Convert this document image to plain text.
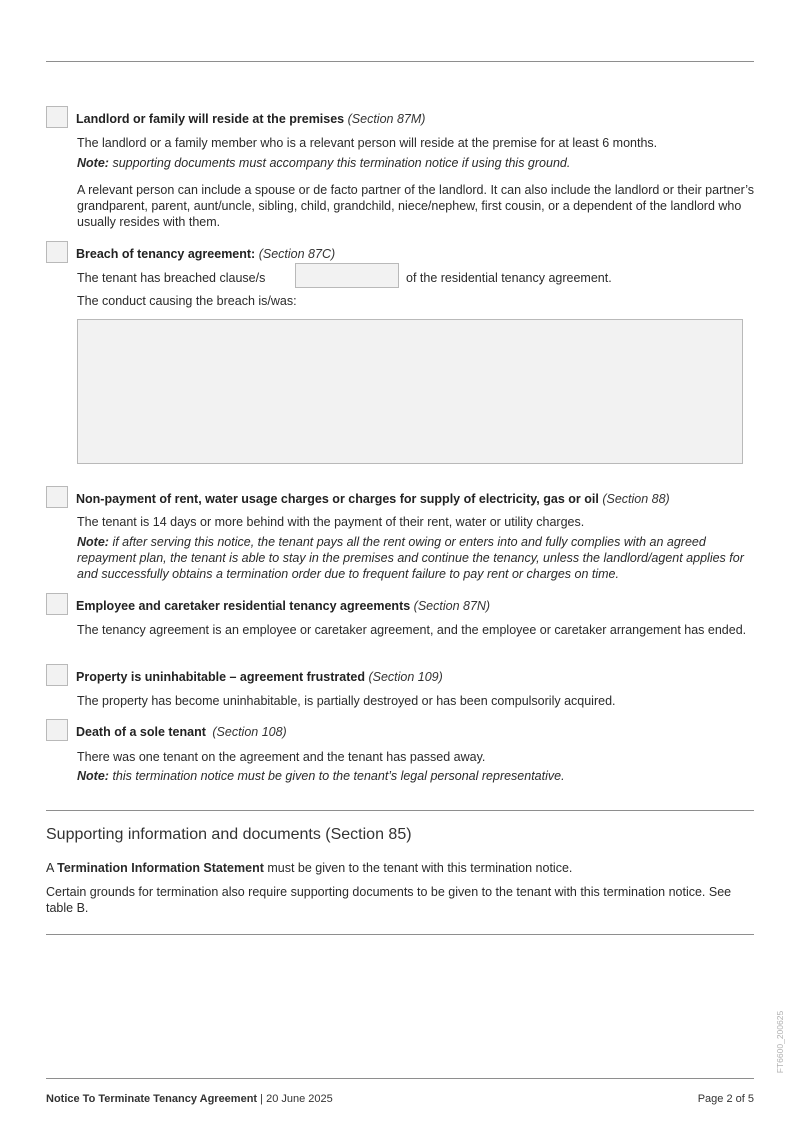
Landlord or family will reside at the premises (Section 87M)
The landlord or a family member who is a relevant person will reside at the premise for at least 6 months.
Note: supporting documents must accompany this termination notice if using this ground.
A relevant person can include a spouse or de facto partner of the landlord. It can also include the landlord or their partner’s grandparent, parent, aunt/uncle, sibling, child, grandchild, niece/nephew, first cousin, or a dependent of the landlord who usually resides with them.
Breach of tenancy agreement: (Section 87C)
The tenant has breached clause/s	of the residential tenancy agreement.
The conduct causing the breach is/was:
Non-payment of rent, water usage charges or charges for supply of electricity, gas or oil (Section 88)
The tenant is 14 days or more behind with the payment of their rent, water or utility charges.
Note: if after serving this notice, the tenant pays all the rent owing or enters into and fully complies with an agreed repayment plan, the tenant is able to stay in the premises and continue the tenancy, unless the landlord/agent applies for and successfully obtains a termination order due to frequent failure to pay rent or charges on time.
Employee and caretaker residential tenancy agreements (Section 87N)
The tenancy agreement is an employee or caretaker agreement, and the employee or caretaker arrangement has ended.
Property is uninhabitable – agreement frustrated (Section 109)
The property has become uninhabitable, is partially destroyed or has been compulsorily acquired.
Death of a sole tenant (Section 108)
There was one tenant on the agreement and the tenant has passed away.
Note: this termination notice must be given to the tenant’s legal personal representative.
Supporting information and documents (Section 85)
A Termination Information Statement must be given to the tenant with this termination notice.
Certain grounds for termination also require supporting documents to be given to the tenant with this termination notice. See table B.
FT6600_200625
Notice To Terminate Tenancy Agreement | 20 June 2025	Page 2 of 5
